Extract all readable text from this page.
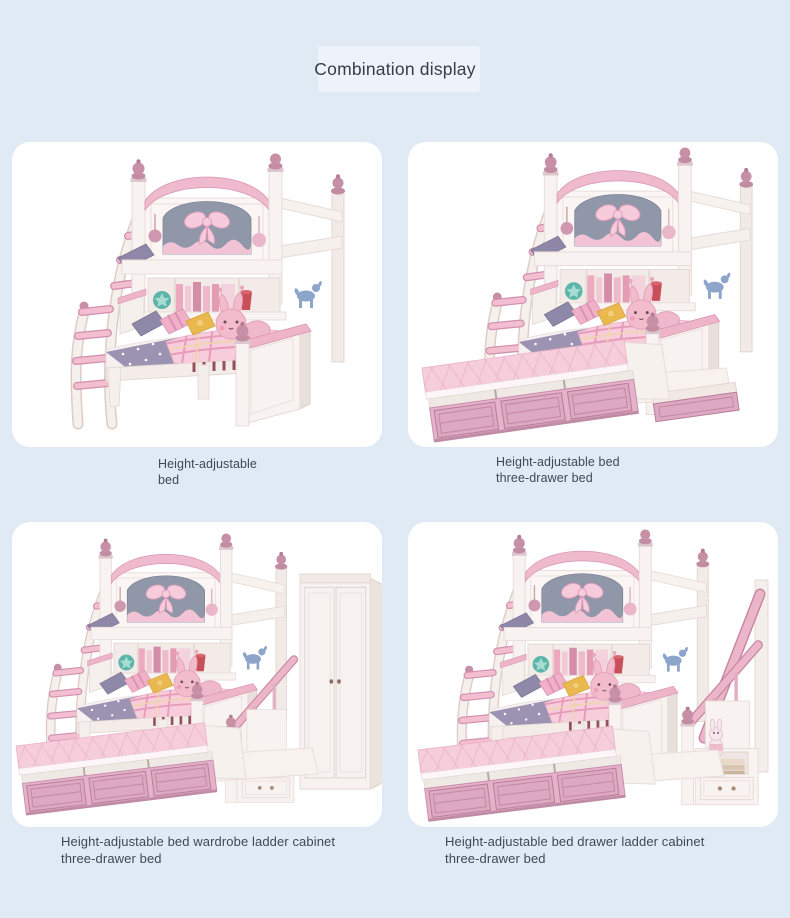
Combination display
Height-adjustable
bed
Height-adjustable bed
three-drawer bed
Height-adjustable bed wardrobe ladder cabinet
three-drawer bed
Height-adjustable bed drawer ladder cabinet
three-drawer bed
